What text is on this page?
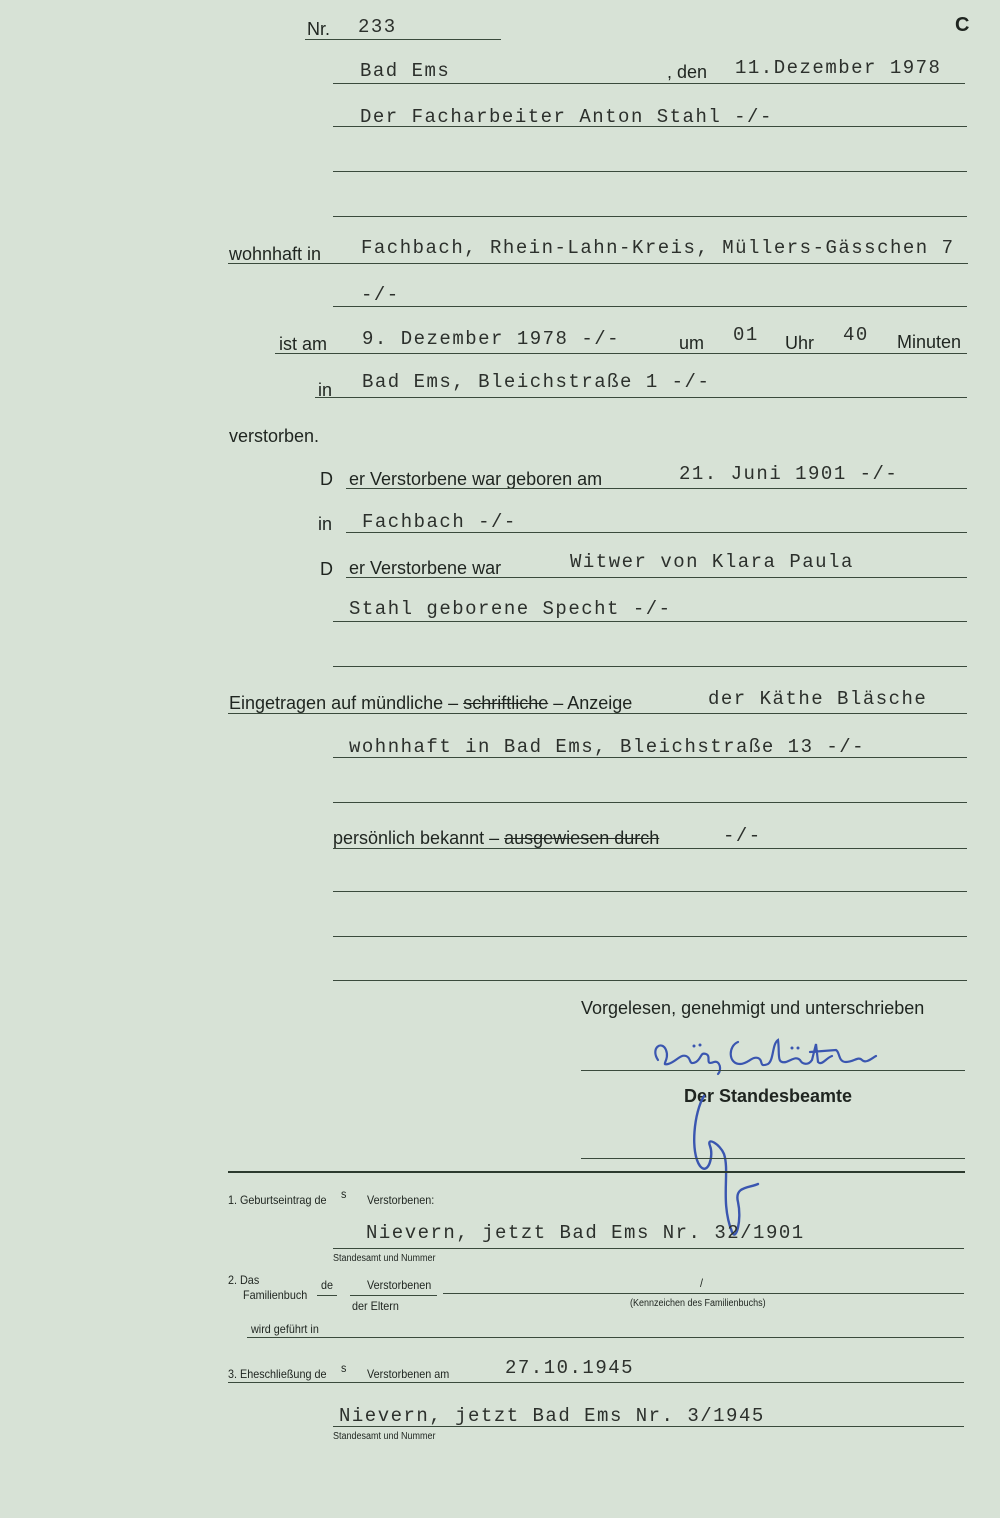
C
Nr. 233
Bad Ems	, den 11.Dezember 1978
Der Facharbeiter Anton Stahl -/-
wohnhaft in Fachbach, Rhein-Lahn-Kreis, Müllers-Gässchen 7
-/-
ist am 9. Dezember 1978 -/-	um 01 Uhr 40 Minuten
in Bad Ems, Bleichstraße 1 -/-
verstorben.
D er Verstorbene war geboren am	21. Juni 1901 -/-
in Fachbach -/-
D er Verstorbene war	Witwer von Klara Paula
Stahl geborene Specht -/-
Eingetragen auf mündliche – schriftliche – Anzeige	der Käthe Bläsche
wohnhaft in Bad Ems, Bleichstraße 13 -/-
persönlich bekannt – ausgewiesen durch	-/-
Vorgelesen, genehmigt und unterschrieben
Der Standesbeamte
1. Geburtseintrag de s Verstorbenen:
Nievern, jetzt Bad Ems Nr. 32/1901
Standesamt und Nummer
2. Das
Familienbuch
de	Verstorbenen
der Eltern
/
(Kennzeichen des Familienbuchs)
wird geführt in
3. Eheschließung de s Verstorbenen am	27.10.1945
Nievern, jetzt Bad Ems Nr. 3/1945
Standesamt und Nummer
